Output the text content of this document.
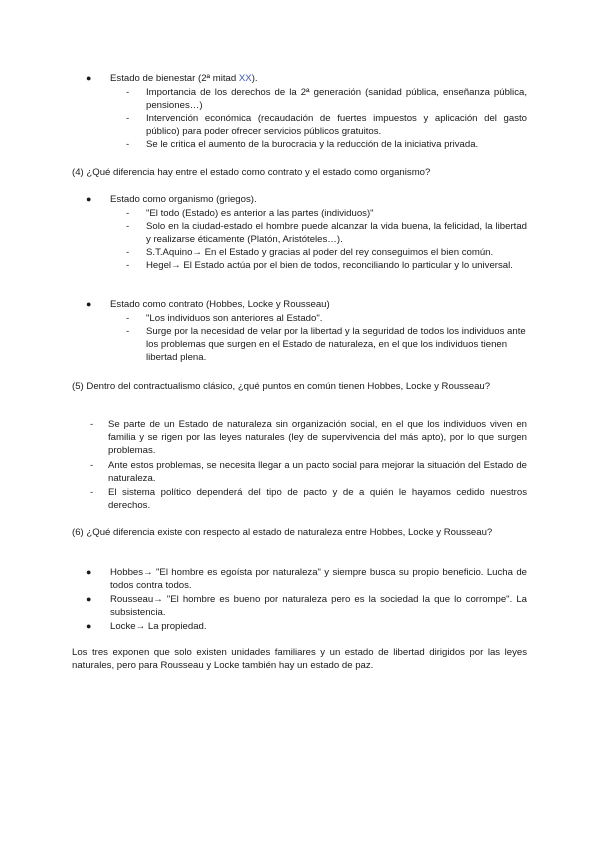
● Estado de bienestar (2ª mitad XX).
- Importancia de los derechos de la 2ª generación (sanidad pública, enseñanza pública, pensiones…)
- Intervención económica (recaudación de fuertes impuestos y aplicación del gasto público) para poder ofrecer servicios públicos gratuitos.
- Se le critica el aumento de la burocracia y la reducción de la iniciativa privada.
(4) ¿Qué diferencia hay entre el estado como contrato y el estado como organismo?
● Estado como organismo (griegos).
- "El todo (Estado) es anterior a las partes (individuos)"
- Solo en la ciudad-estado el hombre puede alcanzar la vida buena, la felicidad, la libertad y realizarse éticamente (Platón, Aristóteles…).
- S.T.Aquino→ En el Estado y gracias al poder del rey conseguimos el bien común.
- Hegel→ El Estado actúa por el bien de todos, reconciliando lo particular y lo universal.
● Estado como contrato (Hobbes, Locke y Rousseau)
- "Los individuos son anteriores al Estado".
- Surge por la necesidad de velar por la libertad y la seguridad de todos los individuos ante los problemas que surgen en el Estado de naturaleza, en el que los individuos tienen libertad plena.
(5) Dentro del contractualismo clásico, ¿qué puntos en común tienen Hobbes, Locke y Rousseau?
- Se parte de un Estado de naturaleza sin organización social, en el que los individuos viven en familia y se rigen por las leyes naturales (ley de supervivencia del más apto), por lo que surgen problemas.
- Ante estos problemas, se necesita llegar a un pacto social para mejorar la situación del Estado de naturaleza.
- El sistema político dependerá del tipo de pacto y de a quién le hayamos cedido nuestros derechos.
(6) ¿Qué diferencia existe con respecto al estado de naturaleza entre Hobbes, Locke y Rousseau?
● Hobbes→ "El hombre es egoísta por naturaleza" y siempre busca su propio beneficio. Lucha de todos contra todos.
● Rousseau→ "El hombre es bueno por naturaleza pero es la sociedad la que lo corrompe". La subsistencia.
● Locke→ La propiedad.
Los tres exponen que solo existen unidades familiares y un estado de libertad dirigidos por las leyes naturales, pero para Rousseau y Locke también hay un estado de paz.
